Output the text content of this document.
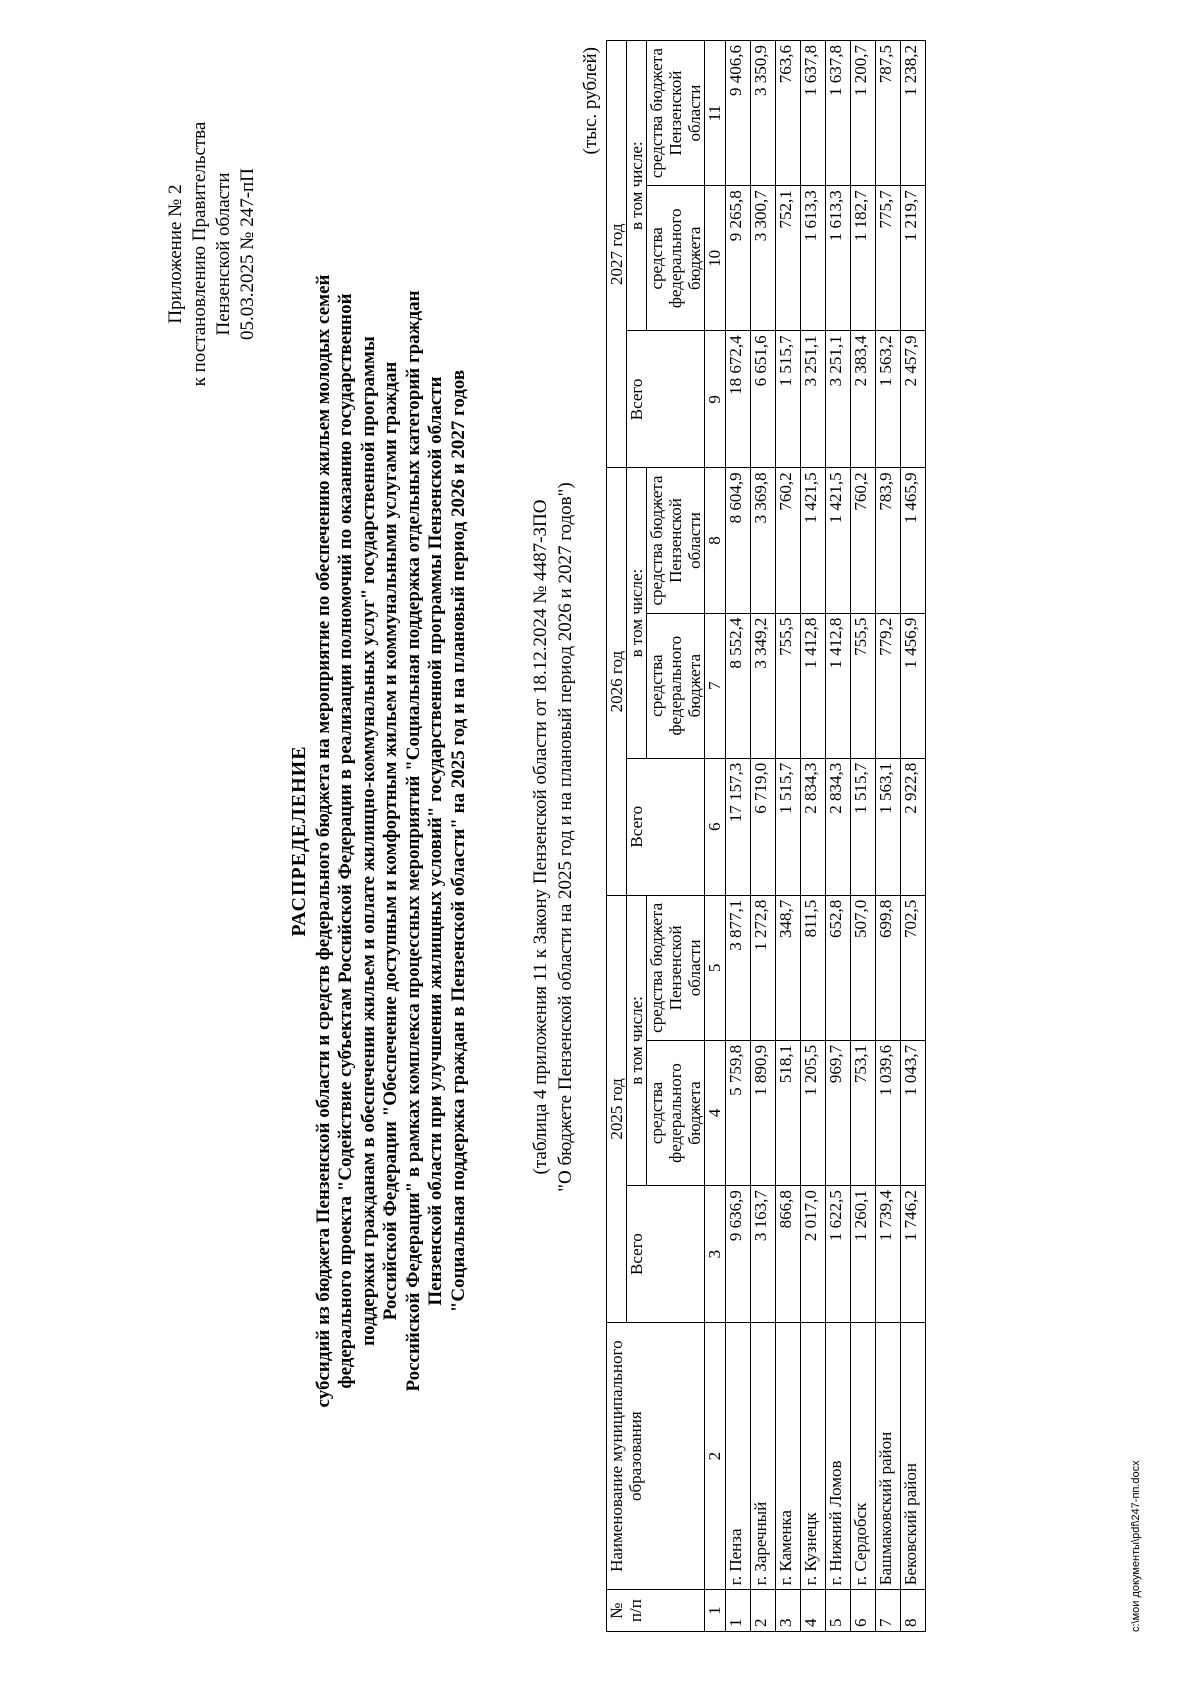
Приложение № 2 к постановлению Правительства Пензенской области 05.03.2025 № 247-пП
РАСПРЕДЕЛЕНИЕ субсидий из бюджета Пензенской области и средств федерального бюджета на мероприятие по обеспечению жильем молодых семей федерального проекта "Содействие субъектам Российской Федерации в реализации полномочий по оказанию государственной поддержки гражданам в обеспечении жильем и оплате жилищно-коммунальных услуг" государственной программы Российской Федерации "Обеспечение доступным и комфортным жильем и коммунальными услугами граждан Российской Федерации" в рамках комплекса процессных мероприятий "Социальная поддержка отдельных категорий граждан Пензенской области при улучшении жилищных условий" государственной программы Пензенской области "Социальная поддержка граждан в Пензенской области" на 2025 год и на плановый период 2026 и 2027 годов	(таблица 4 приложения 11 к Закону Пензенской области от 18.12.2024 № 4487-ЗПО "О бюджете Пензенской области на 2025 год и на плановый период 2026 и 2027 годов")
(тыс. рублей)
№ п/п	Наименование муниципального образования	2025 год			2026 год			2027 год		
		Всего	в том числе:		Всего	в том числе:		Всего	в том числе:	
			средства федерального бюджета	средства бюджета Пензенской области		средства федерального бюджета	средства бюджета Пензенской области		средства федерального бюджета	средства бюджета Пензенской области
1	2	3	4	5	6	7	8	9	10	11
1	г. Пенза	9 636,9	5 759,8	3 877,1	17 157,3	8 552,4	8 604,9	18 672,4	9 265,8	9 406,6
2	г. Заречный	3 163,7	1 890,9	1 272,8	6 719,0	3 349,2	3 369,8	6 651,6	3 300,7	3 350,9
3	г. Каменка	866,8	518,1	348,7	1 515,7	755,5	760,2	1 515,7	752,1	763,6
4	г. Кузнецк	2 017,0	1 205,5	811,5	2 834,3	1 412,8	1 421,5	3 251,1	1 613,3	1 637,8
5	г. Нижний Ломов	1 622,5	969,7	652,8	2 834,3	1 412,8	1 421,5	3 251,1	1 613,3	1 637,8
6	г. Сердобск	1 260,1	753,1	507,0	1 515,7	755,5	760,2	2 383,4	1 182,7	1 200,7
7	Башмаковский район	1 739,4	1 039,6	699,8	1 563,1	779,2	783,9	1 563,2	775,7	787,5
8	Бековский район	1 746,2	1 043,7	702,5	2 922,8	1 456,9	1 465,9	2 457,9	1 219,7	1 238,2
c:\мои документы\pdf\247-пп.docx
